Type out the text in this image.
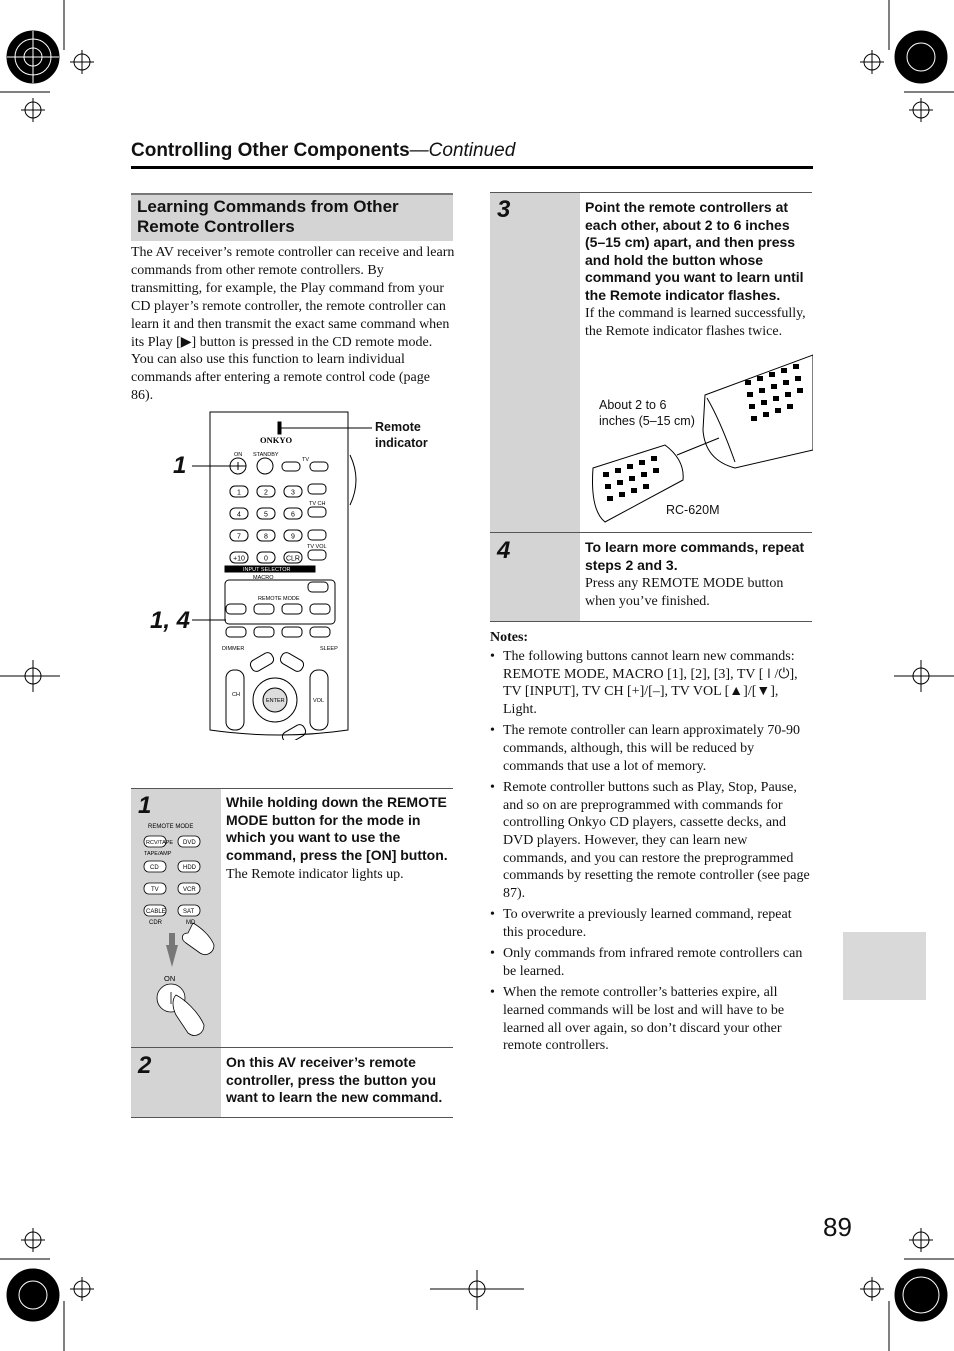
Controlling Other Components—Continued
Learning Commands from Other Remote Controllers
The AV receiver’s remote controller can receive and learn commands from other remote controllers. By transmitting, for example, the Play command from your CD player’s remote controller, the remote controller can learn it and then transmit the exact same command when its Play [▶] button is pressed in the CD remote mode. You can also use this function to learn individual commands after entering a remote control code (page 86).
1	2	3
4	5	6
7	8	9
+10	0	CLR
ONKYO
ON STANDBY
TV
TV CH
TV VOL
INPUT SELECTOR
MACRO
REMOTE MODE
DIMMER	SLEEP
CH
VOL
ENTER
1
1, 4
Remote
indicator
1
REMOTE MODE
RCV/TAPE DVD
TAPE/AMP
CD	HDD
TV	VCR
CABLE	SAT
CDR	MD
ON
While holding down the REMOTE MODE button for the mode in which you want to use the command, press the [ON] button.
The Remote indicator lights up.
2	On this AV receiver’s remote controller, press the button you want to learn the new command.
3	Point the remote controllers at each other, about 2 to 6 inches (5–15 cm) apart, and then press and hold the button whose command you want to learn until the Remote indicator flashes.
If the command is learned successfully, the Remote indicator flashes twice.
About 2 to 6
inches (5–15 cm)
RC-620M
4	To learn more commands, repeat steps 2 and 3.
Press any REMOTE MODE button when you’ve finished.
Notes:
• The following buttons cannot learn new commands: REMOTE MODE, MACRO [1], [2], [3], TV [⏽/⏻], TV [INPUT], TV CH [+]/[–], TV VOL [▲]/[▼], Light.
• The remote controller can learn approximately 70-90 commands, although, this will be reduced by commands that use a lot of memory.
• Remote controller buttons such as Play, Stop, Pause, and so on are preprogrammed with commands for controlling Onkyo CD players, cassette decks, and DVD players. However, they can learn new commands, and you can restore the preprogrammed commands by resetting the remote controller (see page 87).
• To overwrite a previously learned command, repeat this procedure.
• Only commands from infrared remote controllers can be learned.
• When the remote controller’s batteries expire, all learned commands will be lost and will have to be learned all over again, so don’t discard your other remote controllers.
89
